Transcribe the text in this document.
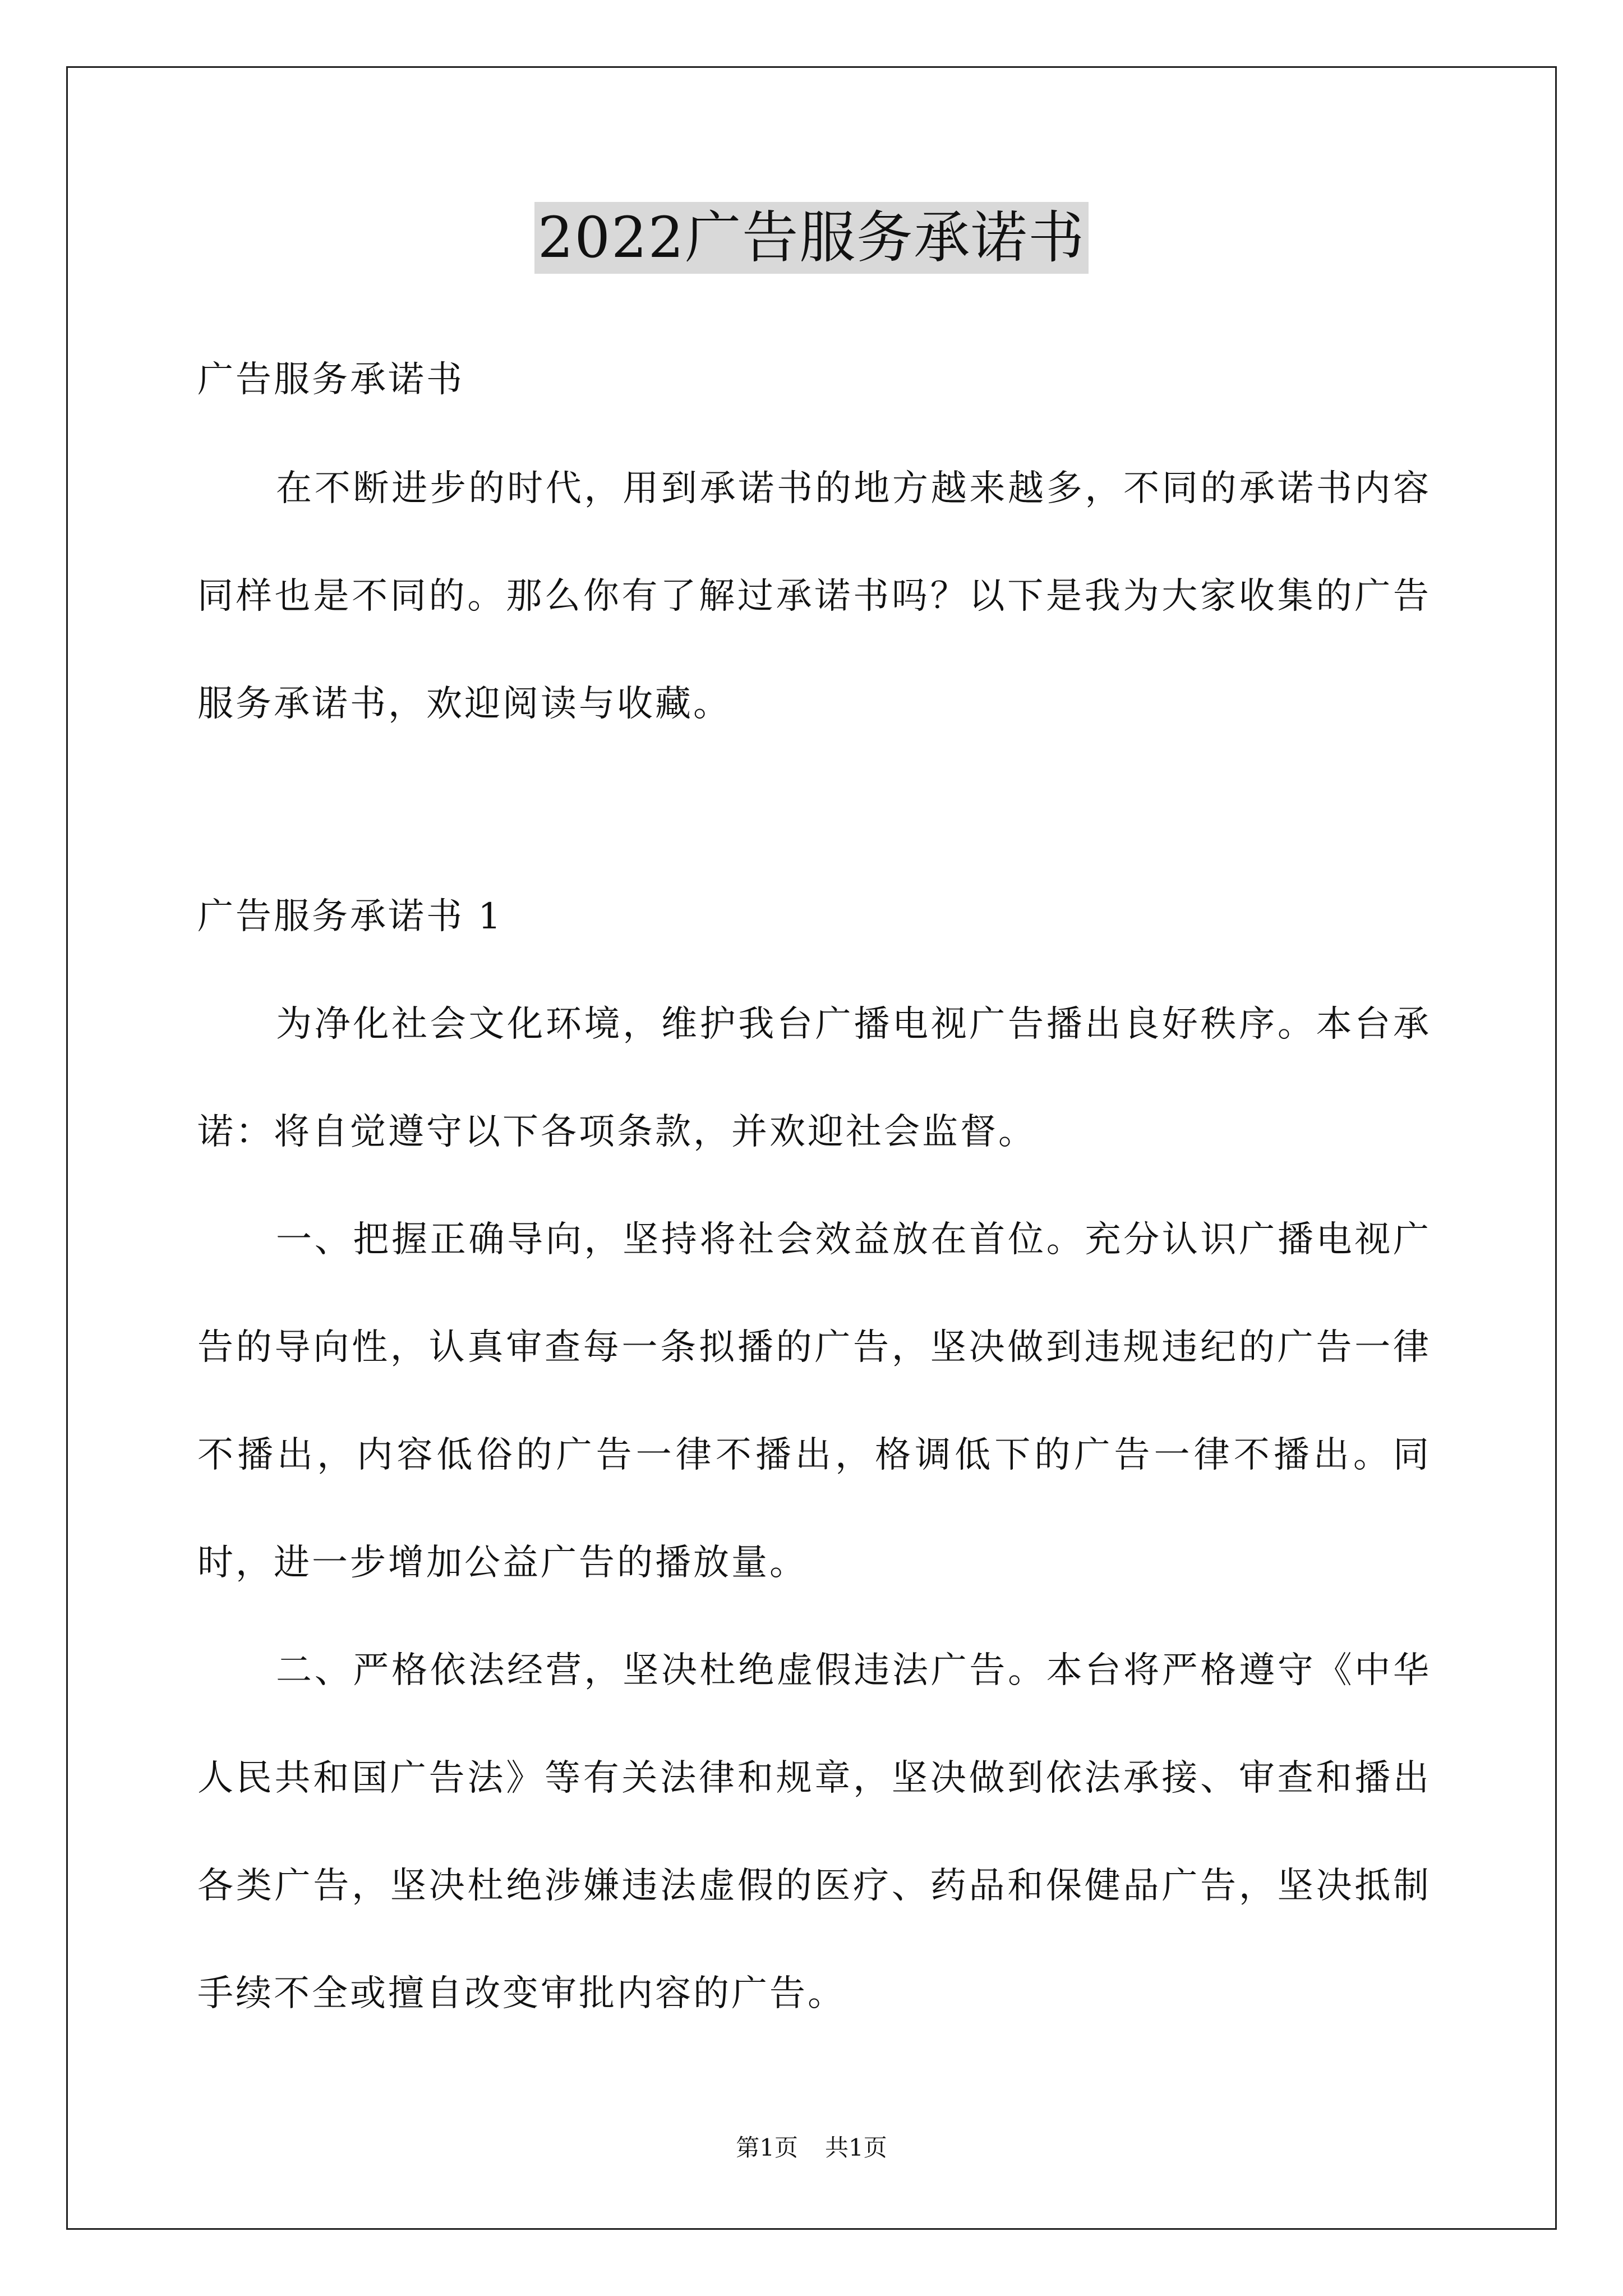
2022广告服务承诺书
广告服务承诺书
在不断进步的时代，用到承诺书的地方越来越多，不同的承诺书内容同样也是不同的。那么你有了解过承诺书吗？以下是我为大家收集的广告服务承诺书，欢迎阅读与收藏。
广告服务承诺书 1
为净化社会文化环境，维护我台广播电视广告播出良好秩序。本台承诺：将自觉遵守以下各项条款，并欢迎社会监督。
一、把握正确导向，坚持将社会效益放在首位。充分认识广播电视广告的导向性，认真审查每一条拟播的广告，坚决做到违规违纪的广告一律不播出，内容低俗的广告一律不播出，格调低下的广告一律不播出。同时，进一步增加公益广告的播放量。
二、严格依法经营，坚决杜绝虚假违法广告。本台将严格遵守《中华人民共和国广告法》等有关法律和规章，坚决做到依法承接、审查和播出各类广告，坚决杜绝涉嫌违法虚假的医疗、药品和保健品广告，坚决抵制手续不全或擅自改变审批内容的广告。
第1页 共1页
